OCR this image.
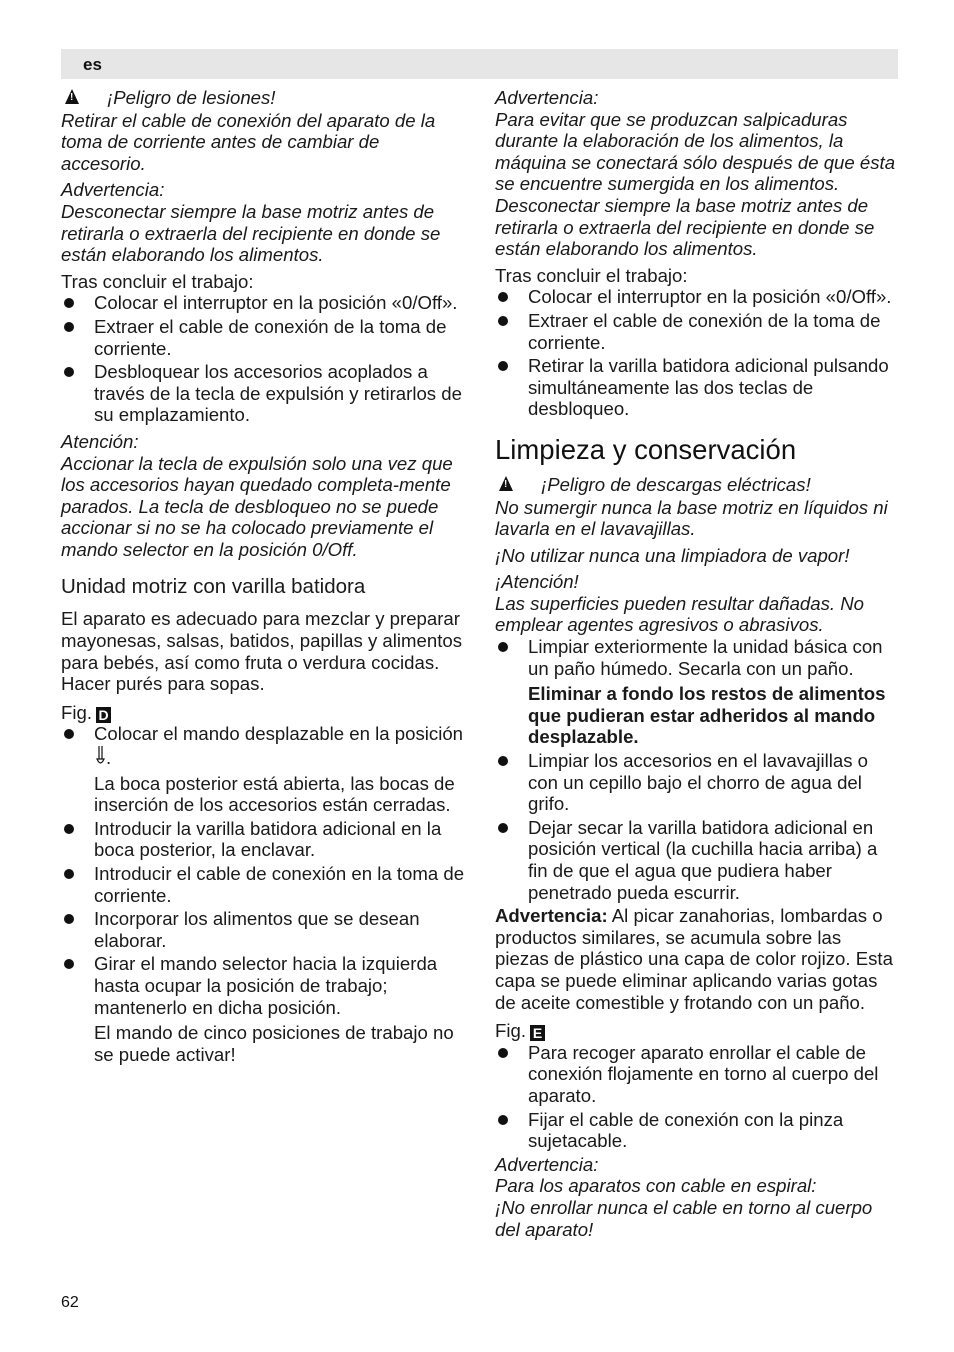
es

!
¡Peligro de lesiones!

Retirar el cable de conexión del aparato de la toma de corriente antes de cambiar de accesorio.

Advertencia:

Desconectar siempre la base motriz antes de retirarla o extraerla del recipiente en donde se están elaborando los alimentos.

Tras concluir el trabajo:

Colocar el interruptor en la posición «0/Off».
Extraer el cable de conexión de la toma de corriente.
Desbloquear los accesorios acoplados a través de la tecla de expulsión y retirarlos de su emplazamiento.

Atención:

Accionar la tecla de expulsión solo una vez que los accesorios hayan quedado completa-mente parados. La tecla de desbloqueo no se puede accionar si no se ha colocado previamente el mando selector en la posición 0/Off.

Unidad motriz con varilla batidora

El aparato es adecuado para mezclar y preparar mayonesas, salsas, batidos, papillas y alimentos para bebés, así como fruta o verdura cocidas.

Hacer purés para sopas.

Fig. D

Colocar el mando desplazable en la posición .

La boca posterior está abierta, las bocas de inserción de los accesorios están cerradas.

Introducir la varilla batidora adicional en la boca posterior, la enclavar.
Introducir el cable de conexión en la toma de corriente.
Incorporar los alimentos que se desean elaborar.
Girar el mando selector hacia la izquierda hasta ocupar la posición de trabajo; mantenerlo en dicha posición.

El mando de cinco posiciones de trabajo no se puede activar!

Advertencia:

Para evitar que se produzcan salpicaduras durante la elaboración de los alimentos, la máquina se conectará sólo después de que ésta se encuentre sumergida en los alimentos. Desconectar siempre la base motriz antes de retirarla o extraerla del recipiente en donde se están elaborando los alimentos.

Tras concluir el trabajo:

Colocar el interruptor en la posición «0/Off».
Extraer el cable de conexión de la toma de corriente.
Retirar la varilla batidora adicional pulsando simultáneamente las dos teclas de desbloqueo.
Limpieza y conservación

!
¡Peligro de descargas eléctricas!

No sumergir nunca la base motriz en líquidos ni lavarla en el lavavajillas.

¡No utilizar nunca una limpiadora de vapor!

¡Atención!

Las superficies pueden resultar dañadas. No emplear agentes agresivos o abrasivos.

Limpiar exteriormente la unidad básica con un paño húmedo. Secarla con un paño.

Eliminar a fondo los restos de alimentos que pudieran estar adheridos al mando desplazable.

Limpiar los accesorios en el lavavajillas o con un cepillo bajo el chorro de agua del grifo.
Dejar secar la varilla batidora adicional en posición vertical (la cuchilla hacia arriba) a fin de que el agua que pudiera haber penetrado pueda escurrir.

Advertencia: Al picar zanahorias, lombardas o productos similares, se acumula sobre las piezas de plástico una capa de color rojizo. Esta capa se puede eliminar aplicando varias gotas de aceite comestible y frotando con un paño.

Fig. E

Para recoger aparato enrollar el cable de conexión flojamente en torno al cuerpo del aparato.
Fijar el cable de conexión con la pinza sujetacable.

Advertencia:

Para los aparatos con cable en espiral:

¡No enrollar nunca el cable en torno al cuerpo del aparato!

62
